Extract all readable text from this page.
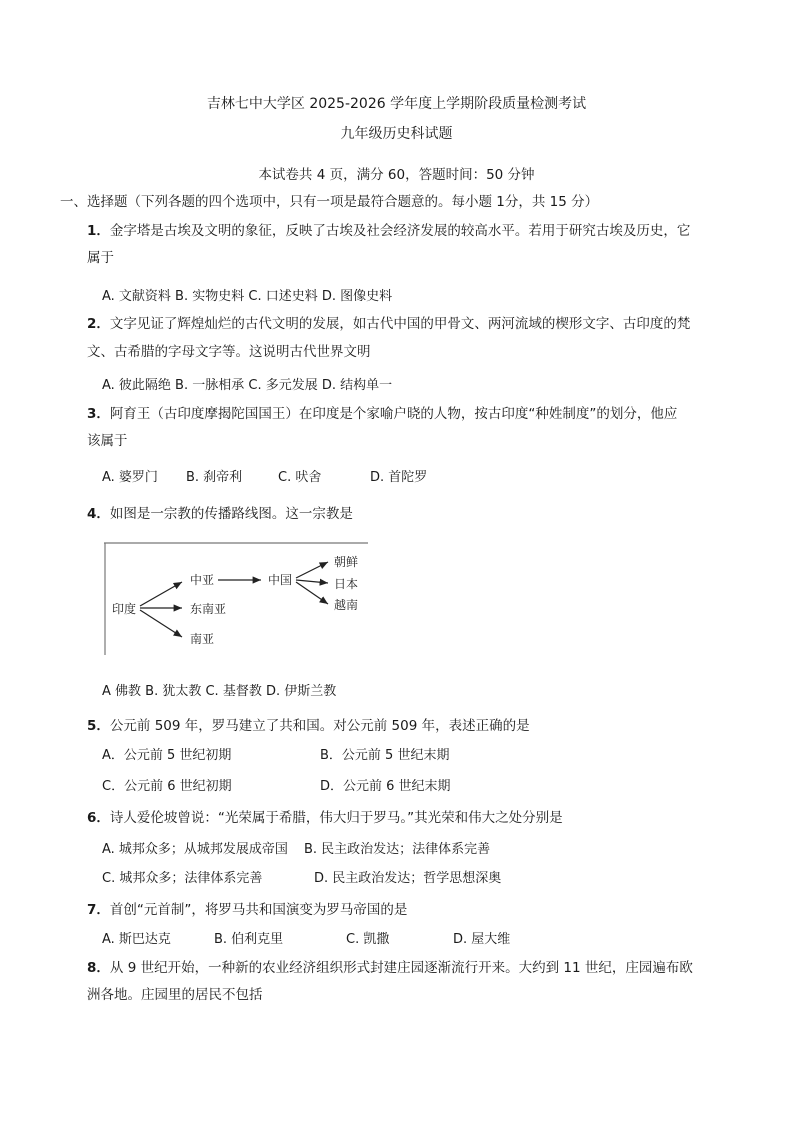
吉林七中大学区 2025-2026 学年度上学期阶段质量检测考试
九年级历史科试题
本试卷共 4 页，满分 60，答题时间：50 分钟
一、选择题（下列各题的四个选项中，只有一项是最符合题意的。每小题 1分，共 15 分）
1．金字塔是古埃及文明的象征，反映了古埃及社会经济发展的较高水平。若用于研究古埃及历史，它
属于
A. 文献资料 B. 实物史料 C. 口述史料 D. 图像史料
2．文字见证了辉煌灿烂的古代文明的发展，如古代中国的甲骨文、两河流域的楔形文字、古印度的梵
文、古希腊的字母文字等。这说明古代世界文明
A. 彼此隔绝 B. 一脉相承 C. 多元发展 D. 结构单一
3．阿育王（古印度摩揭陀国国王）在印度是个家喻户晓的人物，按古印度“种姓制度”的划分，他应
该属于
A. 婆罗门 B. 刹帝利	C. 吠舍	D. 首陀罗
4．如图是一宗教的传播路线图。这一宗教是
印度
中亚
东南亚
南亚
中国
朝鲜
日本
越南
A 佛教 B. 犹太教 C. 基督教 D. 伊斯兰教
5．公元前 509 年，罗马建立了共和国。对公元前 509 年，表述正确的是
A．公元前 5 世纪初期	B．公元前 5 世纪末期
C．公元前 6 世纪初期	D．公元前 6 世纪末期
6．诗人爱伦坡曾说：“光荣属于希腊，伟大归于罗马。”其光荣和伟大之处分别是
A. 城邦众多；从城邦发展成帝国 B. 民主政治发达；法律体系完善
C. 城邦众多；法律体系完善	D. 民主政治发达；哲学思想深奥
7．首创“元首制”，将罗马共和国演变为罗马帝国的是
A. 斯巴达克	B. 伯利克里	C. 凯撒	D. 屋大维
8．从 9 世纪开始，一种新的农业经济组织形式封建庄园逐渐流行开来。大约到 11 世纪，庄园遍布欧
洲各地。庄园里的居民不包括
